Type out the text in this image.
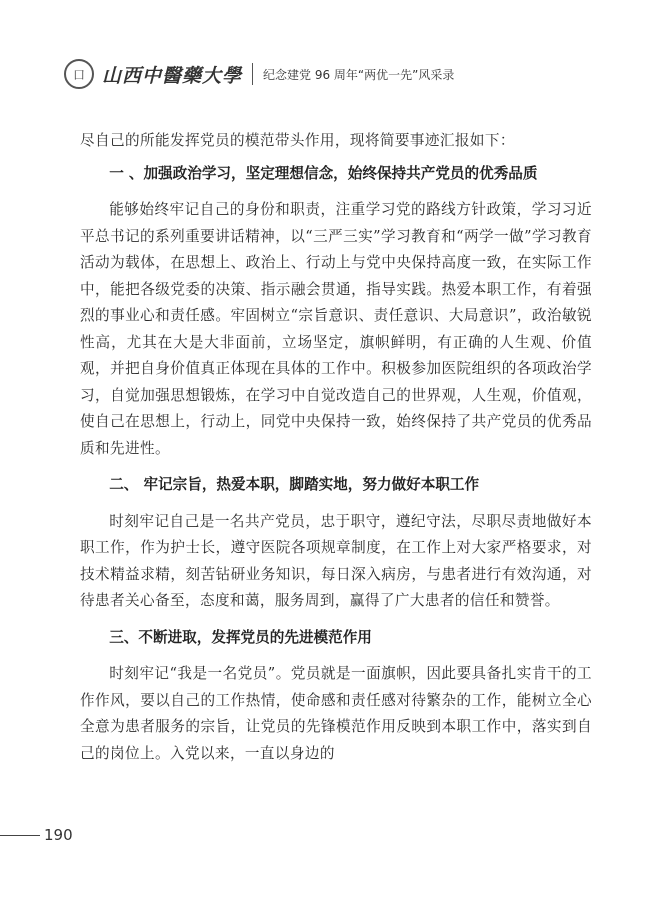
口 山西中醫藥大學 纪念建党 96 周年“两优一先”风采录

尽自己的所能发挥党员的模范带头作用，现将简要事迹汇报如下：

一 、加强政治学习，坚定理想信念，始终保持共产党员的优秀品质

能够始终牢记自己的身份和职责，注重学习党的路线方针政策，学习习近平总书记的系列重要讲话精神，以“三严三实”学习教育和“两学一做”学习教育活动为载体，在思想上、政治上、行动上与党中央保持高度一致，在实际工作中，能把各级党委的决策、指示融会贯通，指导实践。热爱本职工作，有着强烈的事业心和责任感。牢固树立“宗旨意识、责任意识、大局意识”，政治敏锐性高，尤其在大是大非面前，立场坚定，旗帜鲜明，有正确的人生观、价值观，并把自身价值真正体现在具体的工作中。积极参加医院组织的各项政治学习，自觉加强思想锻炼，在学习中自觉改造自己的世界观，人生观，价值观，使自己在思想上，行动上，同党中央保持一致，始终保持了共产党员的优秀品质和先进性。

二、 牢记宗旨，热爱本职，脚踏实地，努力做好本职工作

时刻牢记自己是一名共产党员，忠于职守，遵纪守法，尽职尽责地做好本职工作，作为护士长，遵守医院各项规章制度，在工作上对大家严格要求，对技术精益求精，刻苦钻研业务知识，每日深入病房，与患者进行有效沟通，对待患者关心备至，态度和蔼，服务周到，赢得了广大患者的信任和赞誉。

三、不断进取，发挥党员的先进模范作用

时刻牢记“我是一名党员”。党员就是一面旗帜，因此要具备扎实肯干的工作作风，要以自己的工作热情，使命感和责任感对待繁杂的工作，能树立全心全意为患者服务的宗旨，让党员的先锋模范作用反映到本职工作中，落实到自己的岗位上。入党以来，一直以身边的

190
